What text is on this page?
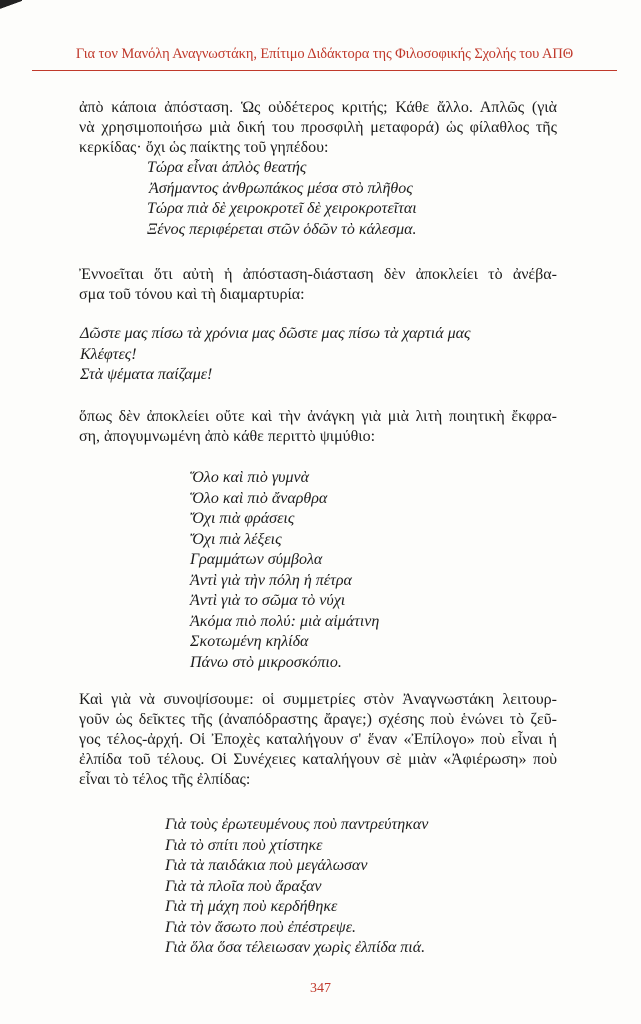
Για τον Μανόλη Αναγνωστάκη, Επίτιμο Διδάκτορα της Φιλοσοφικής Σχολής του ΑΠΘ
ἀπὸ κάποια ἀπόσταση. Ὡς οὐδέτερος κριτής; Κάθε ἄλλο. Απλῶς (γιὰ
νὰ χρησιμοποιήσω μιὰ δική του προσφιλὴ μεταφορά) ὡς φίλαθλος τῆς
κερκίδας· ὄχι ὡς παίκτης τοῦ γηπέδου:
Τώρα εἶναι ἁπλὸς θεατής
Ἀσήμαντος ἀνθρωπάκος μέσα στὸ πλῆθος
Τώρα πιὰ δὲ χειροκροτεῖ δὲ χειροκροτεῖται
Ξένος περιφέρεται στῶν ὁδῶν τὸ κάλεσμα.
Ἐννοεῖται ὅτι αὐτὴ ἡ ἀπόσταση-διάσταση δὲν ἀποκλείει τὸ ἀνέβα-
σμα τοῦ τόνου καὶ τὴ διαμαρτυρία:
Δῶστε μας πίσω τὰ χρόνια μας δῶστε μας πίσω τὰ χαρτιά μας
Κλέφτες!
Στὰ ψέματα παίζαμε!
ὅπως δὲν ἀποκλείει οὔτε καὶ τὴν ἀνάγκη γιὰ μιὰ λιτὴ ποιητικὴ ἔκφρα-
ση, ἀπογυμνωμένη ἀπὸ κάθε περιττὸ ψιμύθιο:
Ὅλο καὶ πιὸ γυμνὰ
Ὅλο καὶ πιὸ ἄναρθρα
Ὄχι πιὰ φράσεις
Ὄχι πιὰ λέξεις
Γραμμάτων σύμβολα
Ἀντὶ γιὰ τὴν πόλη ἡ πέτρα
Ἀντὶ γιὰ το σῶμα τὸ νύχι
Ἀκόμα πιὸ πολύ: μιὰ αἱμάτινη
Σκοτωμένη κηλίδα
Πάνω στὸ μικροσκόπιο.
Καὶ γιὰ νὰ συνοψίσουμε: οἱ συμμετρίες στὸν Ἀναγνωστάκη λειτουρ-
γοῦν ὡς δεῖκτες τῆς (ἀναπόδραστης ἄραγε;) σχέσης ποὺ ἑνώνει τὸ ζεῦ-
γος τέλος-ἀρχή. Οἱ Ἐποχὲς καταλήγουν σ' ἕναν «Ἐπίλογο» ποὺ εἶναι ἡ
ἐλπίδα τοῦ τέλους. Οἱ Συνέχειες καταλήγουν σὲ μιὰν «Ἀφιέρωση» ποὺ
εἶναι τὸ τέλος τῆς ἐλπίδας:
Γιὰ τοὺς ἐρωτευμένους ποὺ παντρεύτηκαν
Γιὰ τὸ σπίτι ποὺ χτίστηκε
Γιὰ τὰ παιδάκια ποὺ μεγάλωσαν
Γιὰ τὰ πλοῖα ποὺ ἄραξαν
Γιὰ τὴ μάχη ποὺ κερδήθηκε
Γιὰ τὸν ἄσωτο ποὺ ἐπέστρεψε.
Γιὰ ὅλα ὅσα τέλειωσαν χωρὶς ἐλπίδα πιά.
347
